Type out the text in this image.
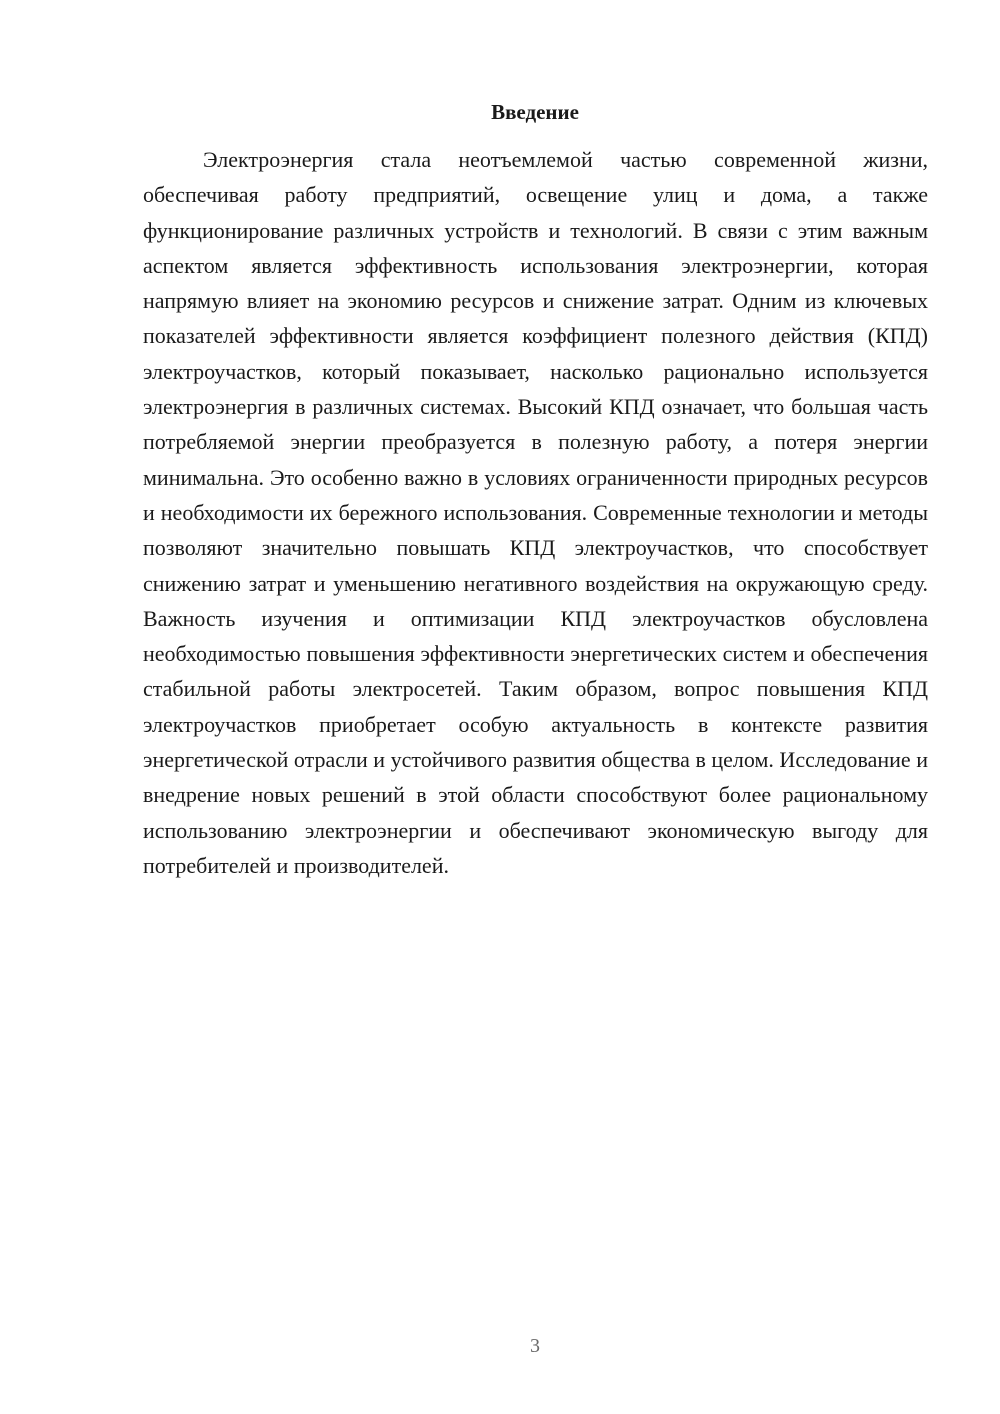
Введение

Электроэнергия стала неотъемлемой частью современной жизни, обеспечивая работу предприятий, освещение улиц и дома, а также функционирование различных устройств и технологий. В связи с этим важным аспектом является эффективность использования электроэнергии, которая напрямую влияет на экономию ресурсов и снижение затрат. Одним из ключевых показателей эффективности является коэффициент полезного действия (КПД) электроучастков, который показывает, насколько рационально используется электроэнергия в различных системах. Высокий КПД означает, что большая часть потребляемой энергии преобразуется в полезную работу, а потеря энергии минимальна. Это особенно важно в условиях ограниченности природных ресурсов и необходимости их бережного использования. Современные технологии и методы позволяют значительно повышать КПД электроучастков, что способствует снижению затрат и уменьшению негативного воздействия на окружающую среду. Важность изучения и оптимизации КПД электроучастков обусловлена необходимостью повышения эффективности энергетических систем и обеспечения стабильной работы электросетей. Таким образом, вопрос повышения КПД электроучастков приобретает особую актуальность в контексте развития энергетической отрасли и устойчивого развития общества в целом. Исследование и внедрение новых решений в этой области способствуют более рациональному использованию электроэнергии и обеспечивают экономическую выгоду для потребителей и производителей.

3
